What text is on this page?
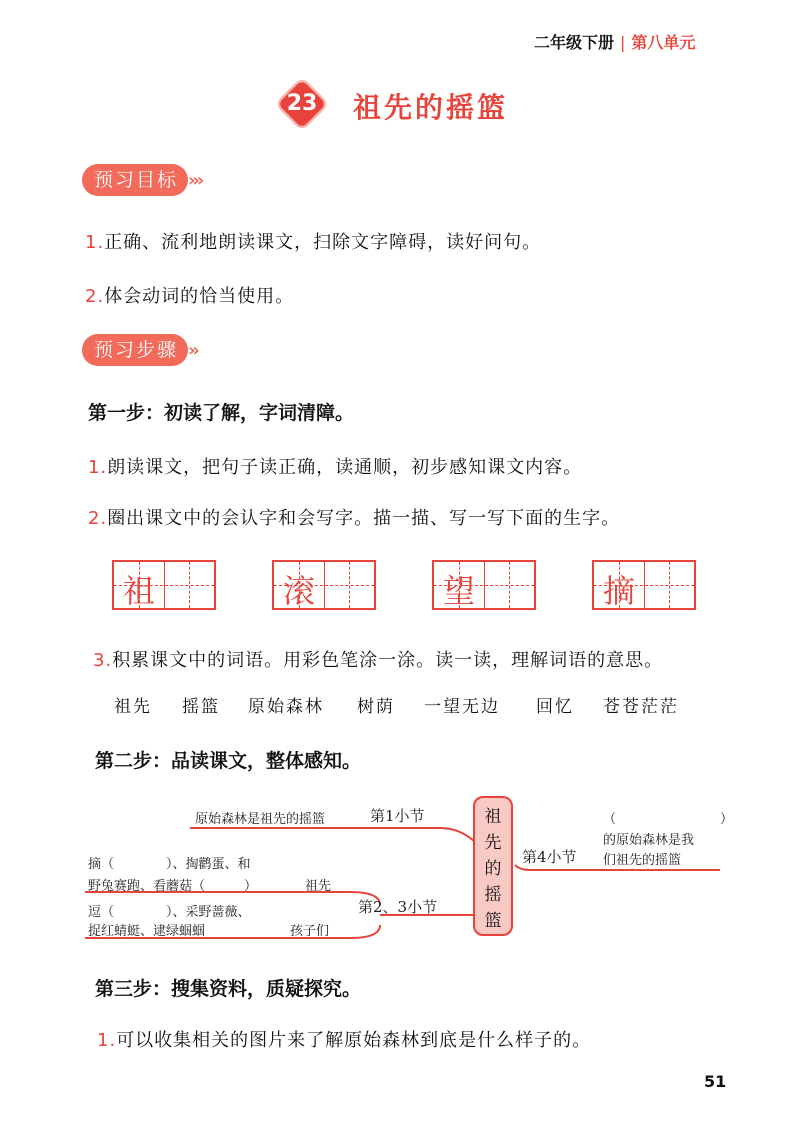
二年级下册 | 第八单元
23 祖先的摇篮
预习目标 ›››
1.正确、流利地朗读课文，扫除文字障碍，读好问句。
2.体会动词的恰当使用。
预习步骤 ››
第一步：初读了解，字词清障。
1.朗读课文，把句子读正确，读通顺，初步感知课文内容。
2.圈出课文中的会认字和会写字。描一描、写一写下面的生字。
祖	滚	望	摘
3.积累课文中的词语。用彩色笔涂一涂。读一读，理解词语的意思。
祖先 摇篮 原始森林 树荫 一望无边 回忆 苍苍茫茫
第二步：品读课文，整体感知。
祖先的摇篮
原始森林是祖先的摇篮	第1小节
摘（　　　　）、掏鹳蛋、和
野兔赛跑、看蘑菇（　　　）	祖先
逗（　　　　）、采野蔷薇、
捉红蜻蜓、逮绿蝈蝈	孩子们
第2、3小节
第4小节
（　　　　　　　　）
的原始森林是我
们祖先的摇篮
第三步：搜集资料，质疑探究。
1.可以收集相关的图片来了解原始森林到底是什么样子的。
51
